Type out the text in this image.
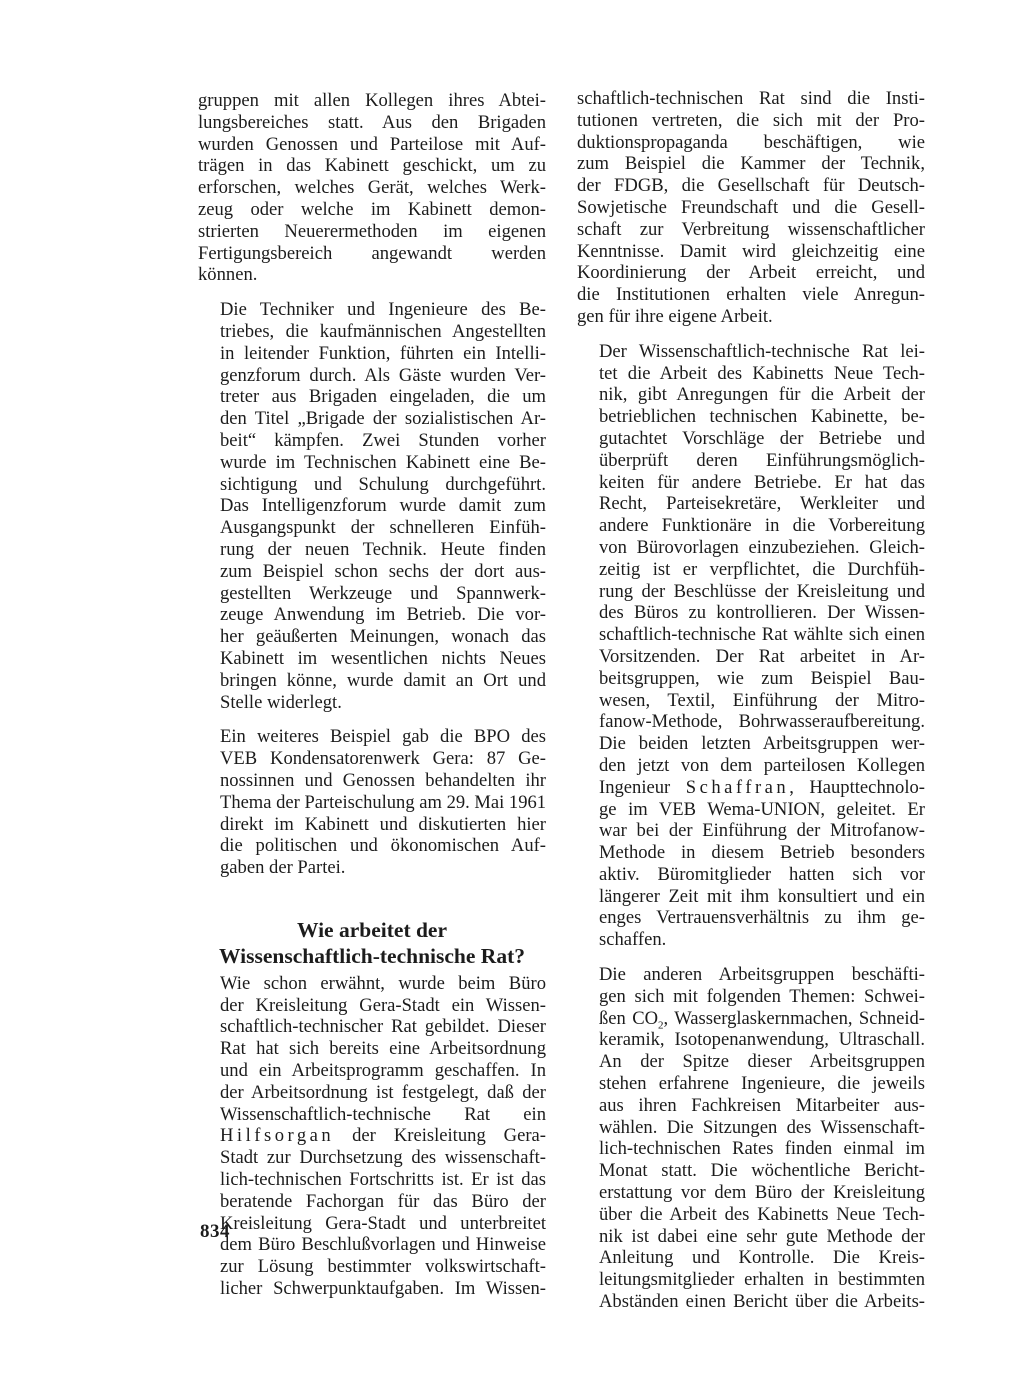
gruppen mit allen Kollegen ihres Abtei-
lungsbereiches statt. Aus den Brigaden
wurden Genossen und Parteilose mit Auf-
trägen in das Kabinett geschickt, um zu
erforschen, welches Gerät, welches Werk-
zeug oder welche im Kabinett demon-
strierten Neuerermethoden im eigenen
Fertigungsbereich angewandt werden
können.

Die Techniker und Ingenieure des Be-
triebes, die kaufmännischen Angestellten
in leitender Funktion, führten ein Intelli-
genzforum durch. Als Gäste wurden Ver-
treter aus Brigaden eingeladen, die um
den Titel „Brigade der sozialistischen Ar-
beit“ kämpfen. Zwei Stunden vorher
wurde im Technischen Kabinett eine Be-
sichtigung und Schulung durchgeführt.
Das Intelligenzforum wurde damit zum
Ausgangspunkt der schnelleren Einfüh-
rung der neuen Technik. Heute finden
zum Beispiel schon sechs der dort aus-
gestellten Werkzeuge und Spannwerk-
zeuge Anwendung im Betrieb. Die vor-
her geäußerten Meinungen, wonach das
Kabinett im wesentlichen nichts Neues
bringen könne, wurde damit an Ort und
Stelle widerlegt.

Ein weiteres Beispiel gab die BPO des
VEB Kondensatorenwerk Gera: 87 Ge-
nossinnen und Genossen behandelten ihr
Thema der Parteischulung am 29. Mai 1961
direkt im Kabinett und diskutierten hier
die politischen und ökonomischen Auf-
gaben der Partei.

Wie arbeitet der
Wissenschaftlich-technische Rat?

Wie schon erwähnt, wurde beim Büro
der Kreisleitung Gera-Stadt ein Wissen-
schaftlich-technischer Rat gebildet. Dieser
Rat hat sich bereits eine Arbeitsordnung
und ein Arbeitsprogramm geschaffen. In
der Arbeitsordnung ist festgelegt, daß der
Wissenschaftlich-technische Rat ein
Hilfsorgan der Kreisleitung Gera-
Stadt zur Durchsetzung des wissenschaft-
lich-technischen Fortschritts ist. Er ist das
beratende Fachorgan für das Büro der
Kreisleitung Gera-Stadt und unterbreitet
dem Büro Beschlußvorlagen und Hinweise
zur Lösung bestimmter volkswirtschaft-
licher Schwerpunktaufgaben. Im Wissen-

schaftlich-technischen Rat sind die Insti-
tutionen vertreten, die sich mit der Pro-
duktionspropaganda beschäftigen, wie
zum Beispiel die Kammer der Technik,
der FDGB, die Gesellschaft für Deutsch-
Sowjetische Freundschaft und die Gesell-
schaft zur Verbreitung wissenschaftlicher
Kenntnisse. Damit wird gleichzeitig eine
Koordinierung der Arbeit erreicht, und
die Institutionen erhalten viele Anregun-
gen für ihre eigene Arbeit.

Der Wissenschaftlich-technische Rat lei-
tet die Arbeit des Kabinetts Neue Tech-
nik, gibt Anregungen für die Arbeit der
betrieblichen technischen Kabinette, be-
gutachtet Vorschläge der Betriebe und
überprüft deren Einführungsmöglich-
keiten für andere Betriebe. Er hat das
Recht, Parteisekretäre, Werkleiter und
andere Funktionäre in die Vorbereitung
von Bürovorlagen einzubeziehen. Gleich-
zeitig ist er verpflichtet, die Durchfüh-
rung der Beschlüsse der Kreisleitung und
des Büros zu kontrollieren. Der Wissen-
schaftlich-technische Rat wählte sich einen
Vorsitzenden. Der Rat arbeitet in Ar-
beitsgruppen, wie zum Beispiel Bau-
wesen, Textil, Einführung der Mitro-
fanow-Methode, Bohrwasseraufbereitung.
Die beiden letzten Arbeitsgruppen wer-
den jetzt von dem parteilosen Kollegen
Ingenieur Schaffran, Haupttechnolo-
ge im VEB Wema-UNION, geleitet. Er
war bei der Einführung der Mitrofanow-
Methode in diesem Betrieb besonders
aktiv. Büromitglieder hatten sich vor
längerer Zeit mit ihm konsultiert und ein
enges Vertrauensverhältnis zu ihm ge-
schaffen.

Die anderen Arbeitsgruppen beschäfti-
gen sich mit folgenden Themen: Schwei-
ßen $CO_2$, Wasserglaskernmachen, Schneid-
keramik, Isotopenanwendung, Ultraschall.
An der Spitze dieser Arbeitsgruppen
stehen erfahrene Ingenieure, die jeweils
aus ihren Fachkreisen Mitarbeiter aus-
wählen. Die Sitzungen des Wissenschaft-
lich-technischen Rates finden einmal im
Monat statt. Die wöchentliche Bericht-
erstattung vor dem Büro der Kreisleitung
über die Arbeit des Kabinetts Neue Tech-
nik ist dabei eine sehr gute Methode der
Anleitung und Kontrolle. Die Kreis-
leitungsmitglieder erhalten in bestimmten
Abständen einen Bericht über die Arbeits-

834
